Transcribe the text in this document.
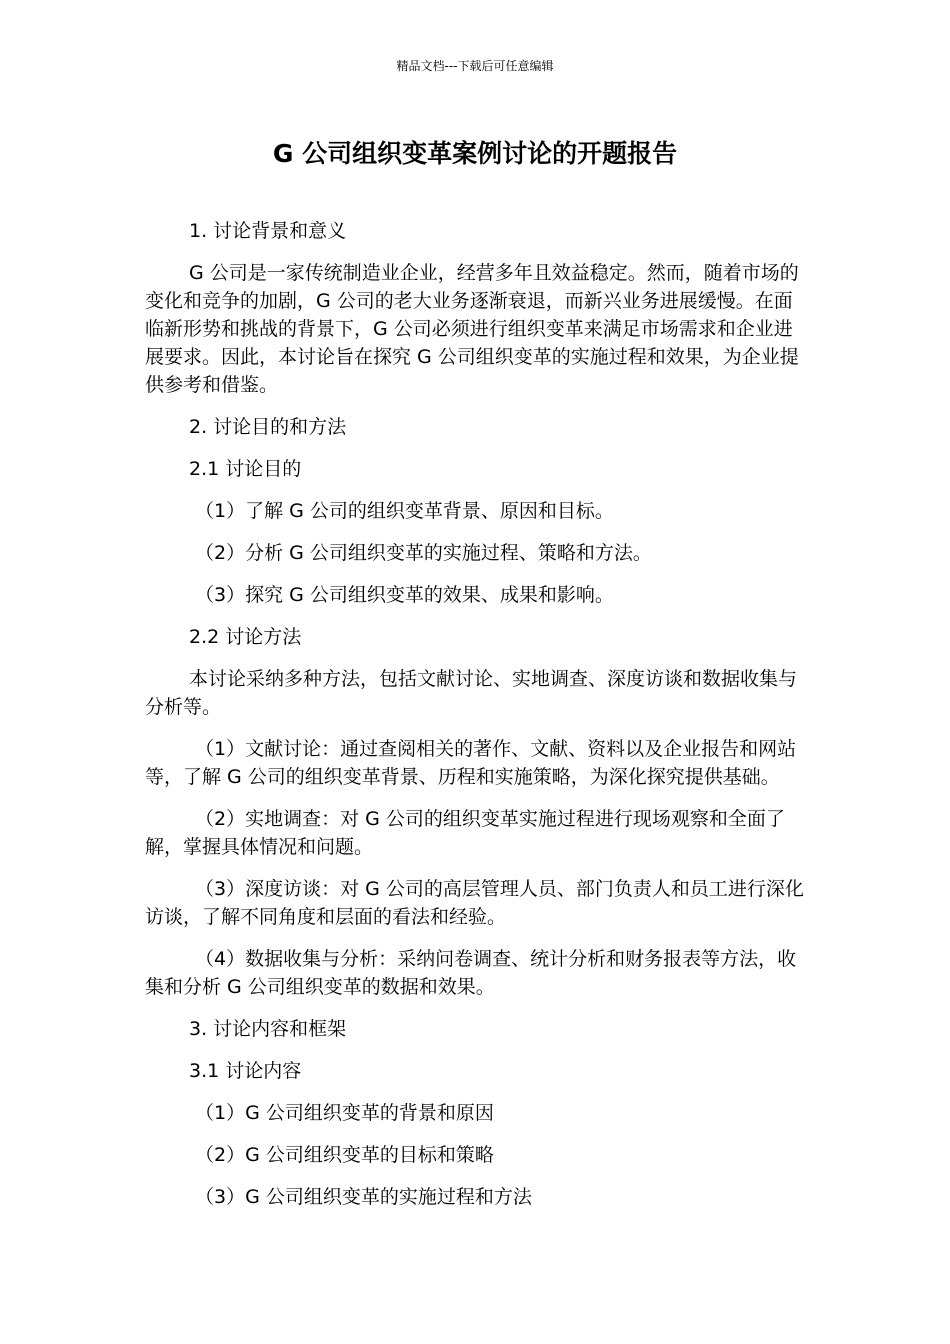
精品文档---下载后可任意编辑
G 公司组织变革案例讨论的开题报告

1. 讨论背景和意义

G 公司是一家传统制造业企业，经营多年且效益稳定。然而，随着市场的变化和竞争的加剧，G 公司的老大业务逐渐衰退，而新兴业务进展缓慢。在面临新形势和挑战的背景下，G 公司必须进行组织变革来满足市场需求和企业进展要求。因此，本讨论旨在探究 G 公司组织变革的实施过程和效果，为企业提供参考和借鉴。

2. 讨论目的和方法

2.1 讨论目的

（1）了解 G 公司的组织变革背景、原因和目标。

（2）分析 G 公司组织变革的实施过程、策略和方法。

（3）探究 G 公司组织变革的效果、成果和影响。

2.2 讨论方法

本讨论采纳多种方法，包括文献讨论、实地调查、深度访谈和数据收集与分析等。

（1）文献讨论：通过查阅相关的著作、文献、资料以及企业报告和网站等，了解 G 公司的组织变革背景、历程和实施策略，为深化探究提供基础。

（2）实地调查：对 G 公司的组织变革实施过程进行现场观察和全面了解，掌握具体情况和问题。

（3）深度访谈：对 G 公司的高层管理人员、部门负责人和员工进行深化访谈，了解不同角度和层面的看法和经验。

（4）数据收集与分析：采纳问卷调查、统计分析和财务报表等方法，收集和分析 G 公司组织变革的数据和效果。

3. 讨论内容和框架

3.1 讨论内容

（1）G 公司组织变革的背景和原因

（2）G 公司组织变革的目标和策略

（3）G 公司组织变革的实施过程和方法
